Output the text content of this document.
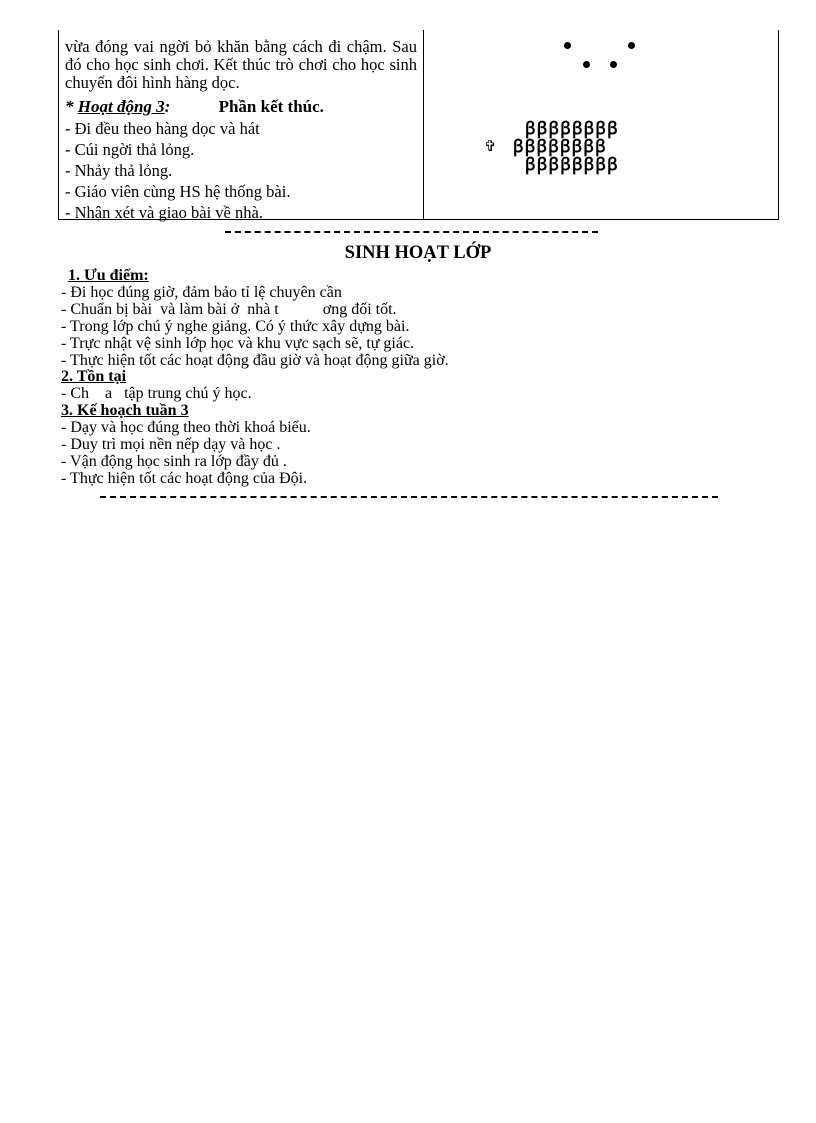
vừa đóng vai ngời bỏ khăn bằng cách đi chậm. Sau đó cho học sinh chơi. Kết thúc trò chơi cho học sinh chuyển đôi hình hàng dọc.
* Hoạt động 3:	Phần kết thúc.
- Đi đều theo hàng dọc và hát
- Cúi ngời thả lỏng.
- Nhảy thả lỏng.
- Giáo viên cùng HS hệ thống bài.
- Nhận xét và giao bài về nhà.
✞
ꞵꞵꞵꞵꞵꞵꞵꞵ
ꞵꞵꞵꞵꞵꞵꞵꞵ
ꞵꞵꞵꞵꞵꞵꞵꞵ
SINH HOẠT LỚP
1. Ưu điểm:
- Đi học đúng giờ, đảm bảo tỉ lệ chuyên cần
- Chuẩn bị bài  và làm bài ở  nhà t           ơng đối tốt.
- Trong lớp chú ý nghe giảng. Có ý thức xây dựng bài.
- Trực nhật vệ sinh lớp học và khu vực sạch sẽ, tự giác.
- Thực hiện tốt các hoạt động đầu giờ và hoạt động giữa giờ.
2. Tồn tại
- Ch    a   tập trung chú ý học.
3. Kế hoạch tuần 3
- Dạy và học đúng theo thời khoá biểu.
- Duy trì mọi nền nếp dạy và học .
- Vận động học sinh ra lớp đầy đủ .
- Thực hiện tốt các hoạt động của Đội.
